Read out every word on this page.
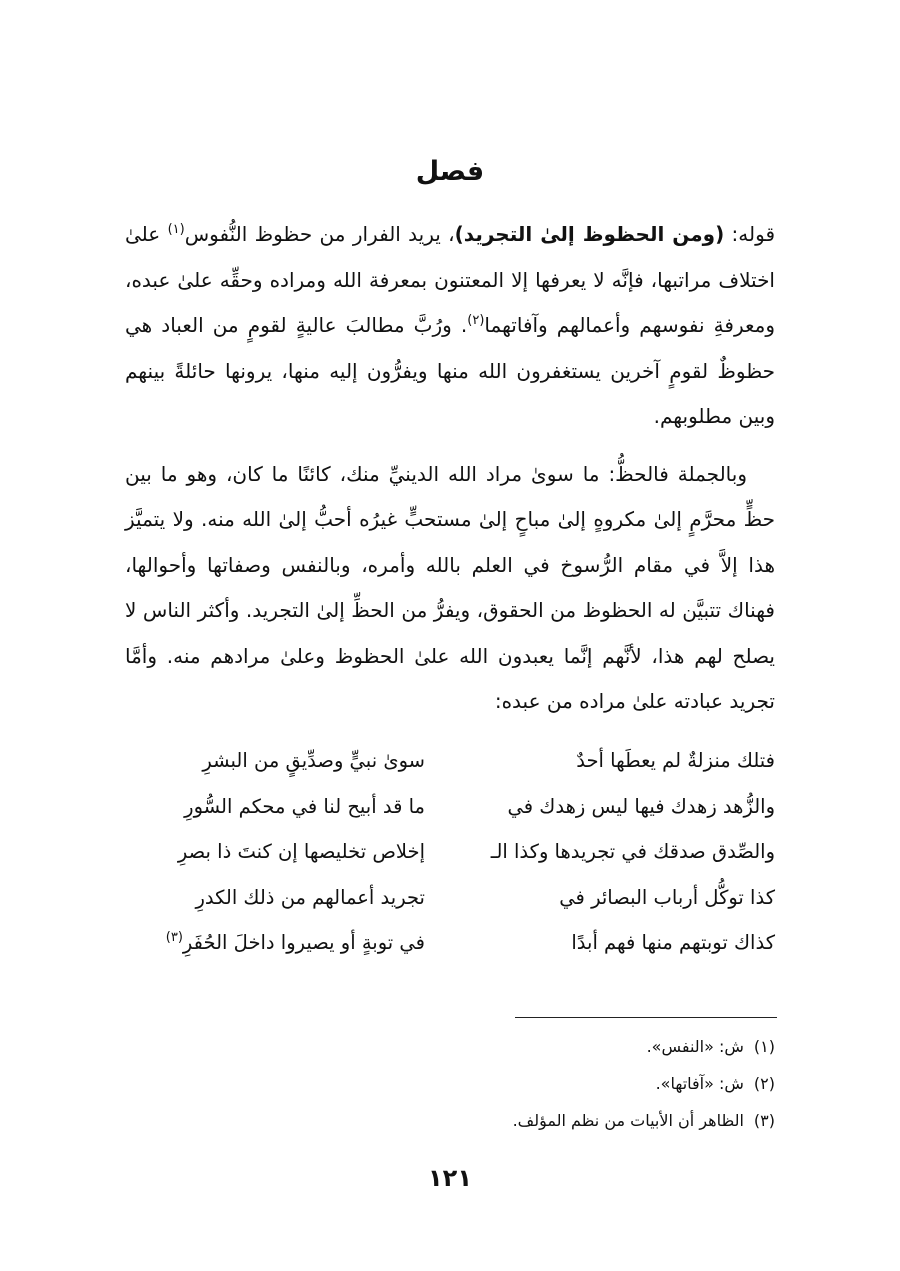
فصل

قوله: (ومن الحظوظ إلىٰ التجريد)، يريد الفرار من حظوظ النُّفوس$^{(١)}$ علىٰ اختلاف مراتبها، فإنَّه لا يعرفها إلا المعتنون بمعرفة الله ومراده وحقِّه علىٰ عبده، ومعرفةِ نفوسهم وأعمالهم وآفاتهما$^{(٢)}$. ورُبَّ مطالبَ عاليةٍ لقومٍ من العباد هي حظوظٌ لقومٍ آخرين يستغفرون الله منها ويفرُّون إليه منها، يرونها حائلةً بينهم وبين مطلوبهم.

وبالجملة فالحظُّ: ما سوىٰ مراد الله الدينيِّ منك، كائنًا ما كان، وهو ما بين حظٍّ محرَّمٍ إلىٰ مكروهٍ إلىٰ مباحٍ إلىٰ مستحبٍّ غيرُه أحبُّ إلىٰ الله منه. ولا يتميَّز هذا إلاَّ في مقام الرُّسوخ في العلم بالله وأمره، وبالنفس وصفاتها وأحوالها، فهناك تتبيَّن له الحظوظ من الحقوق، ويفرُّ من الحظِّ إلىٰ التجريد. وأكثر الناس لا يصلح لهم هذا، لأنَّهم إنَّما يعبدون الله علىٰ الحظوظ وعلىٰ مرادهم منه. وأمَّا تجريد عبادته علىٰ مراده من عبده:

فتلك منزلةٌ لم يعطَها أحدٌ
سوىٰ نبيٍّ وصدِّيقٍ من البشرِ
والزُّهد زهدك فيها ليس زهدك في
ما قد أبيح لنا في محكم السُّورِ
والصِّدق صدقك في تجريدها وكذا الـ
إخلاص تخليصها إن كنتَ ذا بصرِ
كذا توكُّل أرباب البصائر في
تجريد أعمالهم من ذلك الكدرِ
كذاك توبتهم منها فهم أبدًا
في توبةٍ أو يصيروا داخلَ الحُفَرِ$^{(٣)}$
(١)ش: «النفس».
(٢)ش: «آفاتها».
(٣)الظاهر أن الأبيات من نظم المؤلف.
١٢١
